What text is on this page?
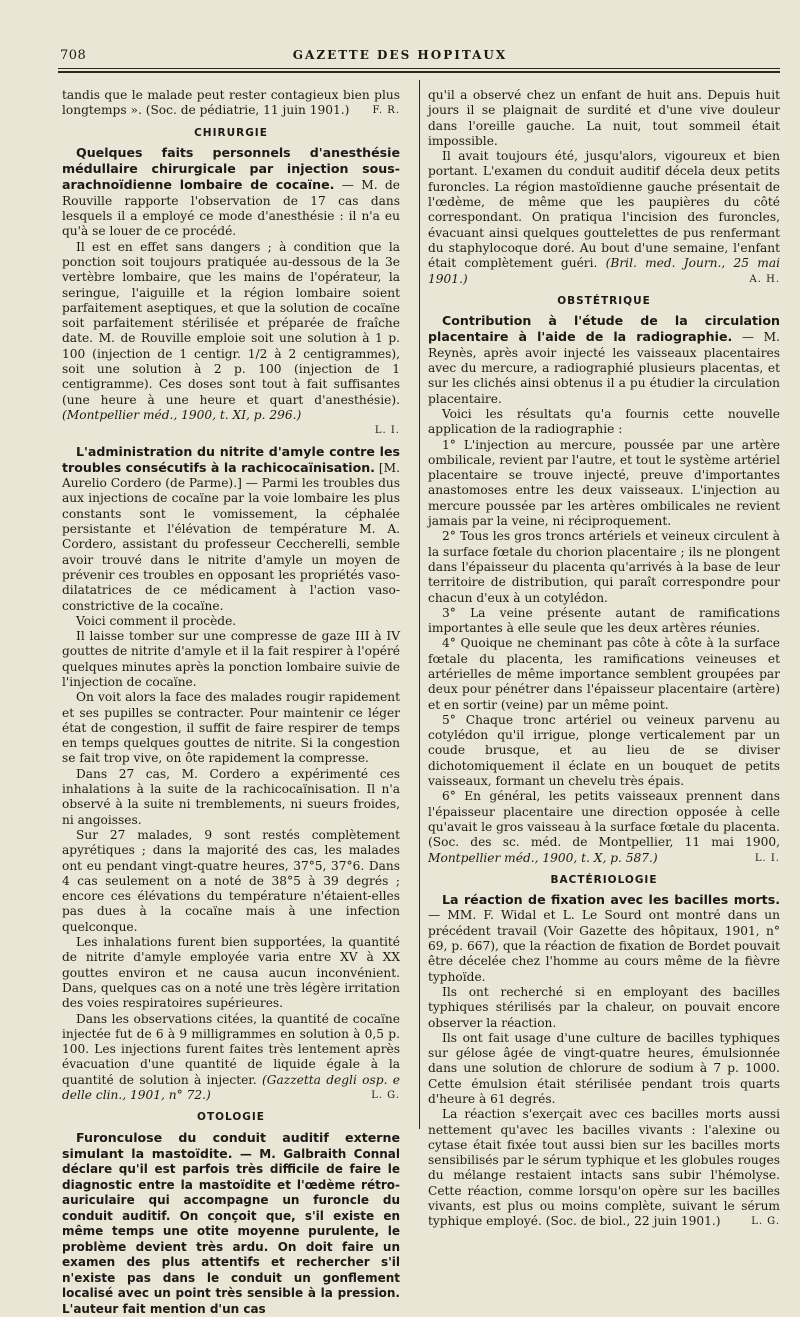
708	GAZETTE DES HOPITAUX

tandis que le malade peut rester contagieux bien plus longtemps ». (Soc. de pédiatrie, 11 juin 1901.) F. R.

CHIRURGIE

Quelques faits personnels d'anesthésie médullaire chirurgicale par injection sous-arachnoïdienne lombaire de cocaïne. — M. de Rouville rapporte l'observation de 17 cas dans lesquels il a employé ce mode d'anesthésie : il n'a eu qu'à se louer de ce procédé.

Il est en effet sans dangers ; à condition que la ponction soit toujours pratiquée au-dessous de la 3e vertèbre lombaire, que les mains de l'opérateur, la seringue, l'aiguille et la région lombaire soient parfaitement aseptiques, et que la solution de cocaïne soit parfaitement stérilisée et préparée de fraîche date. M. de Rouville emploie soit une solution à 1 p. 100 (injection de 1 centigr. 1/2 à 2 centigrammes), soit une solution à 2 p. 100 (injection de 1 centigramme). Ces doses sont tout à fait suffisantes (une heure à une heure et quart d'anesthésie). (Montpellier méd., 1900, t. XI, p. 296.)

L. I.

L'administration du nitrite d'amyle contre les troubles consécutifs à la rachicocaïnisation. [M. Aurelio Cordero (de Parme).] — Parmi les troubles dus aux injections de cocaïne par la voie lombaire les plus constants sont le vomissement, la céphalée persistante et l'élévation de température M. A. Cordero, assistant du professeur Ceccherelli, semble avoir trouvé dans le nitrite d'amyle un moyen de prévenir ces troubles en opposant les propriétés vaso-dilatatrices de ce médicament à l'action vaso-constrictive de la cocaïne.

Voici comment il procède.

Il laisse tomber sur une compresse de gaze III à IV gouttes de nitrite d'amyle et il la fait respirer à l'opéré quelques minutes après la ponction lombaire suivie de l'injection de cocaïne.

On voit alors la face des malades rougir rapidement et ses pupilles se contracter. Pour maintenir ce léger état de congestion, il suffit de faire respirer de temps en temps quelques gouttes de nitrite. Si la congestion se fait trop vive, on ôte rapidement la compresse.

Dans 27 cas, M. Cordero a expérimenté ces inhalations à la suite de la rachicocaïnisation. Il n'a observé à la suite ni tremblements, ni sueurs froides, ni angoisses.

Sur 27 malades, 9 sont restés complètement apyrétiques ; dans la majorité des cas, les malades ont eu pendant vingt-quatre heures, 37°5, 37°6. Dans 4 cas seulement on a noté de 38°5 à 39 degrés ; encore ces élévations du température n'étaient-elles pas dues à la cocaïne mais à une infection quelconque.

Les inhalations furent bien supportées, la quantité de nitrite d'amyle employée varia entre XV à XX gouttes environ et ne causa aucun inconvénient. Dans, quelques cas on a noté une très légère irritation des voies respiratoires supérieures.

Dans les observations citées, la quantité de cocaïne injectée fut de 6 à 9 milligrammes en solution à 0,5 p. 100. Les injections furent faites très lentement après évacuation d'une quantité de liquide égale à la quantité de solution à injecter. (Gazzetta degli osp. e delle clin., 1901, n° 72.)	L. G.

OTOLOGIE

Furonculose du conduit auditif externe simulant la mastoïdite. — M. Galbraith Connal déclare qu'il est parfois très difficile de faire le diagnostic entre la mastoïdite et l'œdème rétro-auriculaire qui accompagne un furoncle du conduit auditif. On conçoit que, s'il existe en même temps une otite moyenne purulente, le problème devient très ardu. On doit faire un examen des plus attentifs et rechercher s'il n'existe pas dans le conduit un gonflement localisé avec un point très sensible à la pression. L'auteur fait mention d'un cas

qu'il a observé chez un enfant de huit ans. Depuis huit jours il se plaignait de surdité et d'une vive douleur dans l'oreille gauche. La nuit, tout sommeil était impossible.

Il avait toujours été, jusqu'alors, vigoureux et bien portant. L'examen du conduit auditif décela deux petits furoncles. La région mastoïdienne gauche présentait de l'œdème, de même que les paupières du côté correspondant. On pratiqua l'incision des furoncles, évacuant ainsi quelques gouttelettes de pus renfermant du staphylocoque doré. Au bout d'une semaine, l'enfant était complètement guéri. (Bril. med. Journ., 25 mai 1901.)	A. H.

OBSTÉTRIQUE

Contribution à l'étude de la circulation placentaire à l'aide de la radiographie. — M. Reynès, après avoir injecté les vaisseaux placentaires avec du mercure, a radiographié plusieurs placentas, et sur les clichés ainsi obtenus il a pu étudier la circulation placentaire.

Voici les résultats qu'a fournis cette nouvelle application de la radiographie :

1° L'injection au mercure, poussée par une artère ombilicale, revient par l'autre, et tout le système artériel placentaire se trouve injecté, preuve d'importantes anastomoses entre les deux vaisseaux. L'injection au mercure poussée par les artères ombilicales ne revient jamais par la veine, ni réciproquement.

2° Tous les gros troncs artériels et veineux circulent à la surface fœtale du chorion placentaire ; ils ne plongent dans l'épaisseur du placenta qu'arrivés à la base de leur territoire de distribution, qui paraît correspondre pour chacun d'eux à un cotylédon.

3° La veine présente autant de ramifications importantes à elle seule que les deux artères réunies.

4° Quoique ne cheminant pas côte à côte à la surface fœtale du placenta, les ramifications veineuses et artérielles de même importance semblent groupées par deux pour pénétrer dans l'épaisseur placentaire (artère) et en sortir (veine) par un même point.

5° Chaque tronc artériel ou veineux parvenu au cotylédon qu'il irrigue, plonge verticalement par un coude brusque, et au lieu de se diviser dichotomiquement il éclate en un bouquet de petits vaisseaux, formant un chevelu très épais.

6° En général, les petits vaisseaux prennent dans l'épaisseur placentaire une direction opposée à celle qu'avait le gros vaisseau à la surface fœtale du placenta. (Soc. des sc. méd. de Montpellier, 11 mai 1900, Montpellier méd., 1900, t. X, p. 587.)	L. I.

BACTÉRIOLOGIE

La réaction de fixation avec les bacilles morts. — MM. F. Widal et L. Le Sourd ont montré dans un précédent travail (Voir Gazette des hôpitaux, 1901, n° 69, p. 667), que la réaction de fixation de Bordet pouvait être décelée chez l'homme au cours même de la fièvre typhoïde.

Ils ont recherché si en employant des bacilles typhiques stérilisés par la chaleur, on pouvait encore observer la réaction.

Ils ont fait usage d'une culture de bacilles typhiques sur gélose âgée de vingt-quatre heures, émulsionnée dans une solution de chlorure de sodium à 7 p. 1000. Cette émulsion était stérilisée pendant trois quarts d'heure à 61 degrés.

La réaction s'exerçait avec ces bacilles morts aussi nettement qu'avec les bacilles vivants : l'alexine ou cytase était fixée tout aussi bien sur les bacilles morts sensibilisés par le sérum typhique et les globules rouges du mélange restaient intacts sans subir l'hémolyse. Cette réaction, comme lorsqu'on opère sur les bacilles vivants, est plus ou moins complète, suivant le sérum typhique employé. (Soc. de biol., 22 juin 1901.)	L. G.
